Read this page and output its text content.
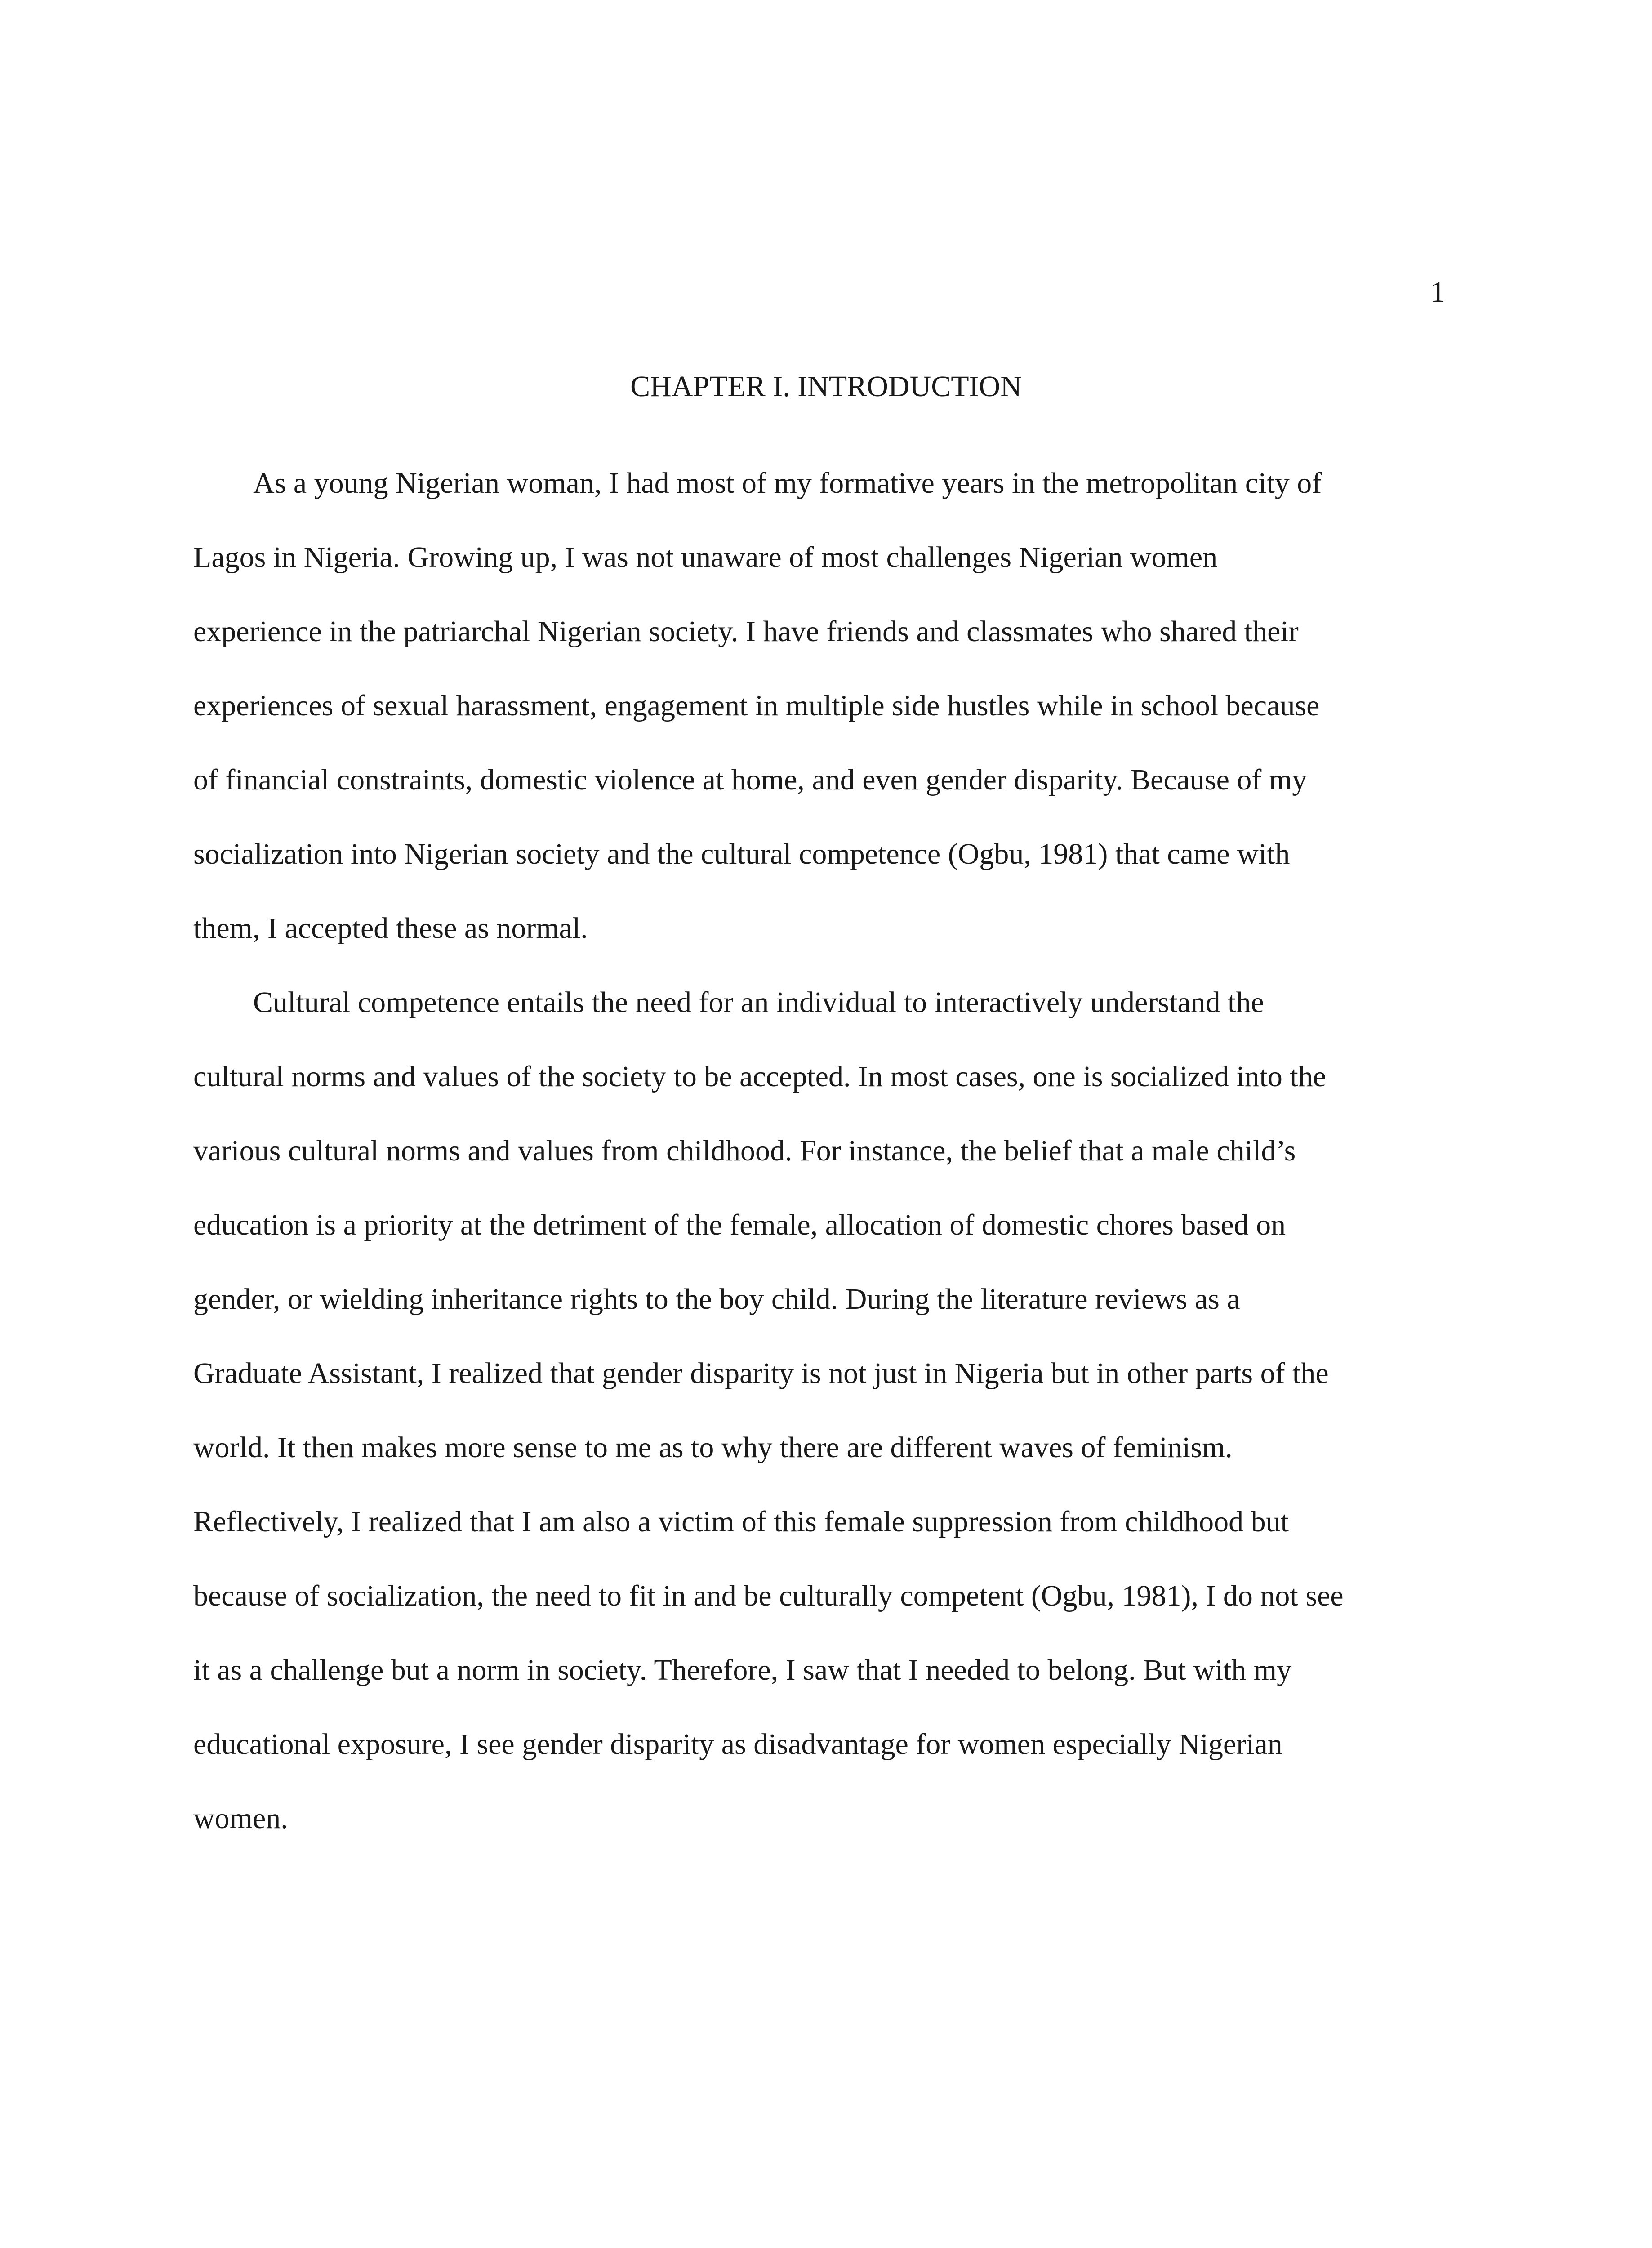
1
CHAPTER I. INTRODUCTION
As a young Nigerian woman, I had most of my formative years in the metropolitan city of
Lagos in Nigeria. Growing up, I was not unaware of most challenges Nigerian women
experience in the patriarchal Nigerian society. I have friends and classmates who shared their
experiences of sexual harassment, engagement in multiple side hustles while in school because
of financial constraints, domestic violence at home, and even gender disparity. Because of my
socialization into Nigerian society and the cultural competence (Ogbu, 1981) that came with
them, I accepted these as normal.
Cultural competence entails the need for an individual to interactively understand the
cultural norms and values of the society to be accepted. In most cases, one is socialized into the
various cultural norms and values from childhood. For instance, the belief that a male child’s
education is a priority at the detriment of the female, allocation of domestic chores based on
gender, or wielding inheritance rights to the boy child. During the literature reviews as a
Graduate Assistant, I realized that gender disparity is not just in Nigeria but in other parts of the
world. It then makes more sense to me as to why there are different waves of feminism.
Reflectively, I realized that I am also a victim of this female suppression from childhood but
because of socialization, the need to fit in and be culturally competent (Ogbu, 1981), I do not see
it as a challenge but a norm in society. Therefore, I saw that I needed to belong. But with my
educational exposure, I see gender disparity as disadvantage for women especially Nigerian
women.
